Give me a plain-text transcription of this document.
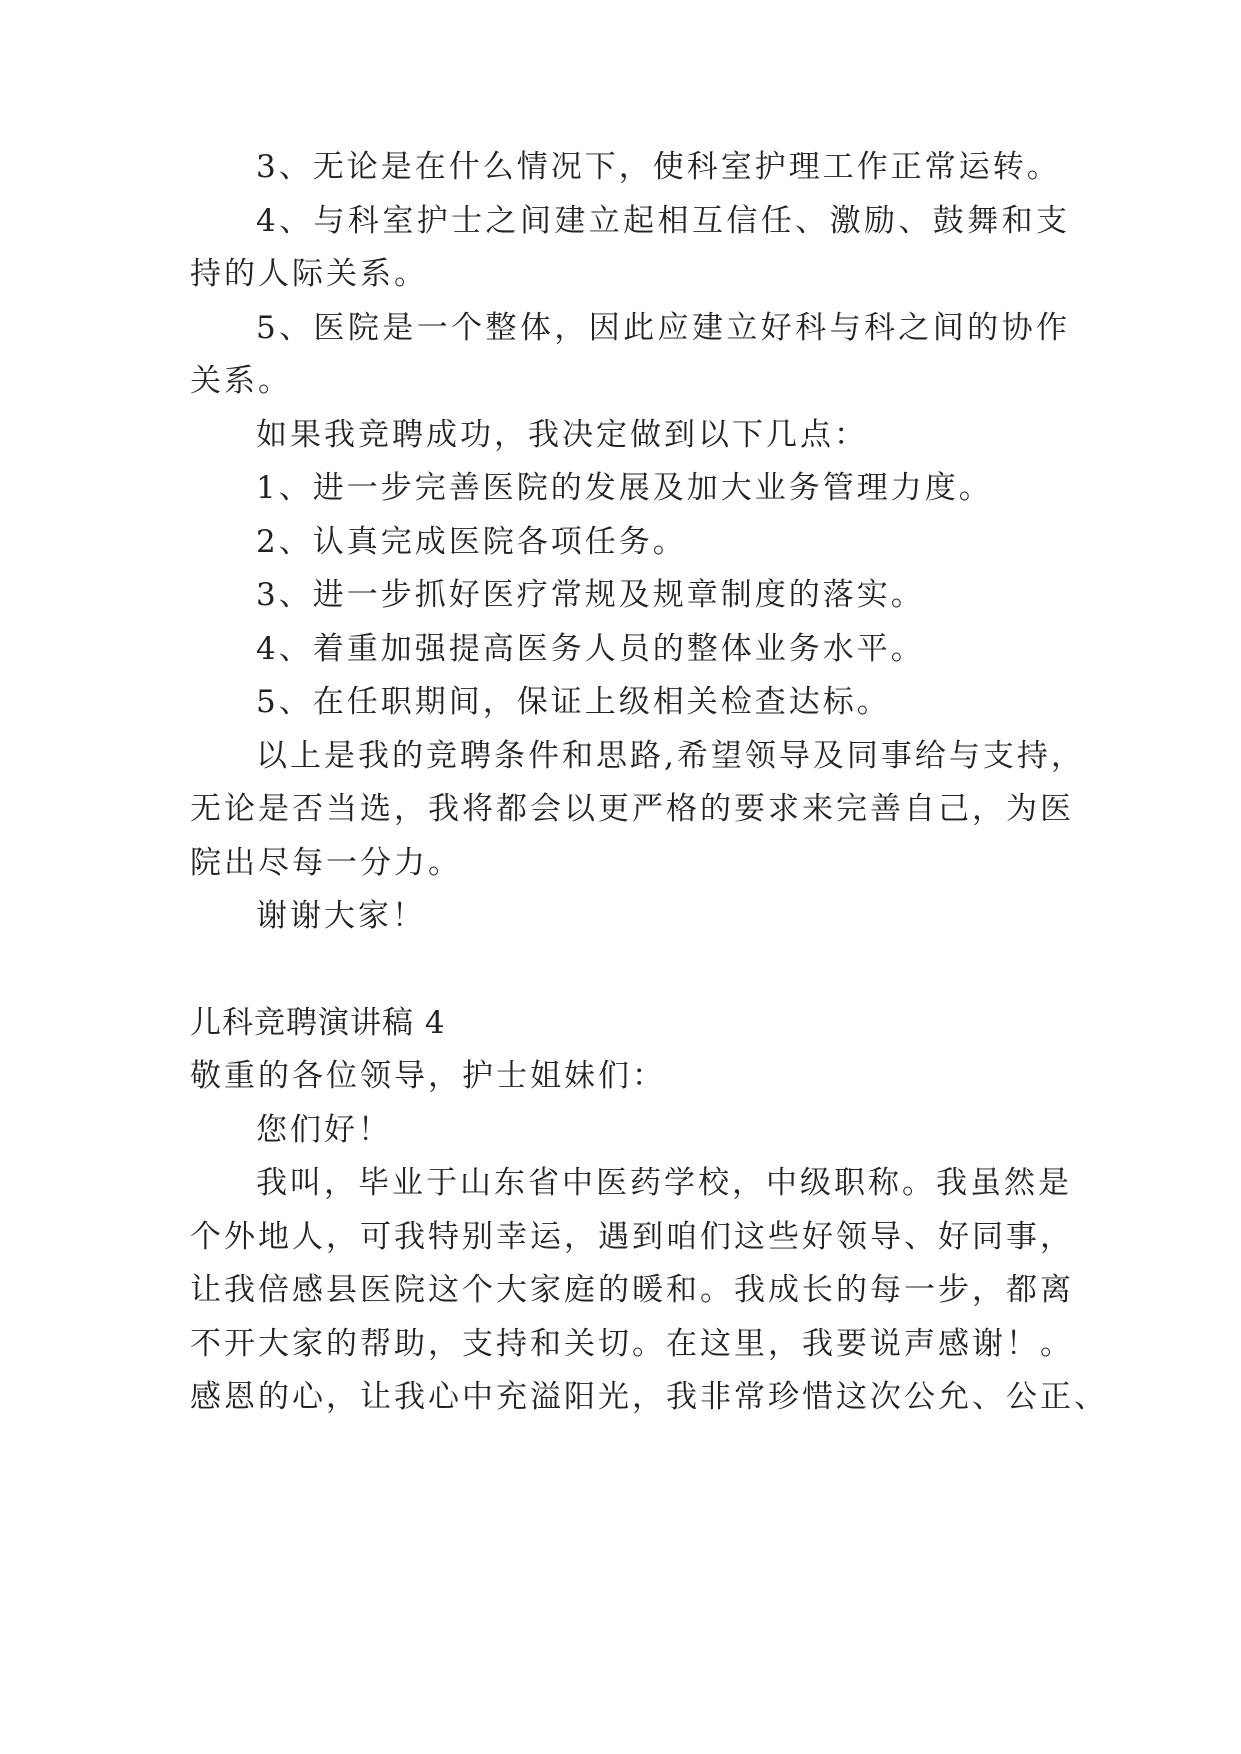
3、无论是在什么情况下，使科室护理工作正常运转。
4、与科室护士之间建立起相互信任、激励、鼓舞和支
持的人际关系。
5、医院是一个整体，因此应建立好科与科之间的协作
关系。
如果我竞聘成功，我决定做到以下几点：
1、进一步完善医院的发展及加大业务管理力度。
2、认真完成医院各项任务。
3、进一步抓好医疗常规及规章制度的落实。
4、着重加强提高医务人员的整体业务水平。
5、在任职期间，保证上级相关检查达标。
以上是我的竞聘条件和思路,希望领导及同事给与支持，
无论是否当选，我将都会以更严格的要求来完善自己，为医
院出尽每一分力。
谢谢大家！
儿科竞聘演讲稿 4
敬重的各位领导，护士姐妹们：
您们好！
我叫，毕业于山东省中医药学校，中级职称。我虽然是
个外地人，可我特别幸运，遇到咱们这些好领导、好同事，
让我倍感县医院这个大家庭的暖和。我成长的每一步，都离
不开大家的帮助，支持和关切。在这里，我要说声感谢！。
感恩的心，让我心中充溢阳光，我非常珍惜这次公允、公正、
